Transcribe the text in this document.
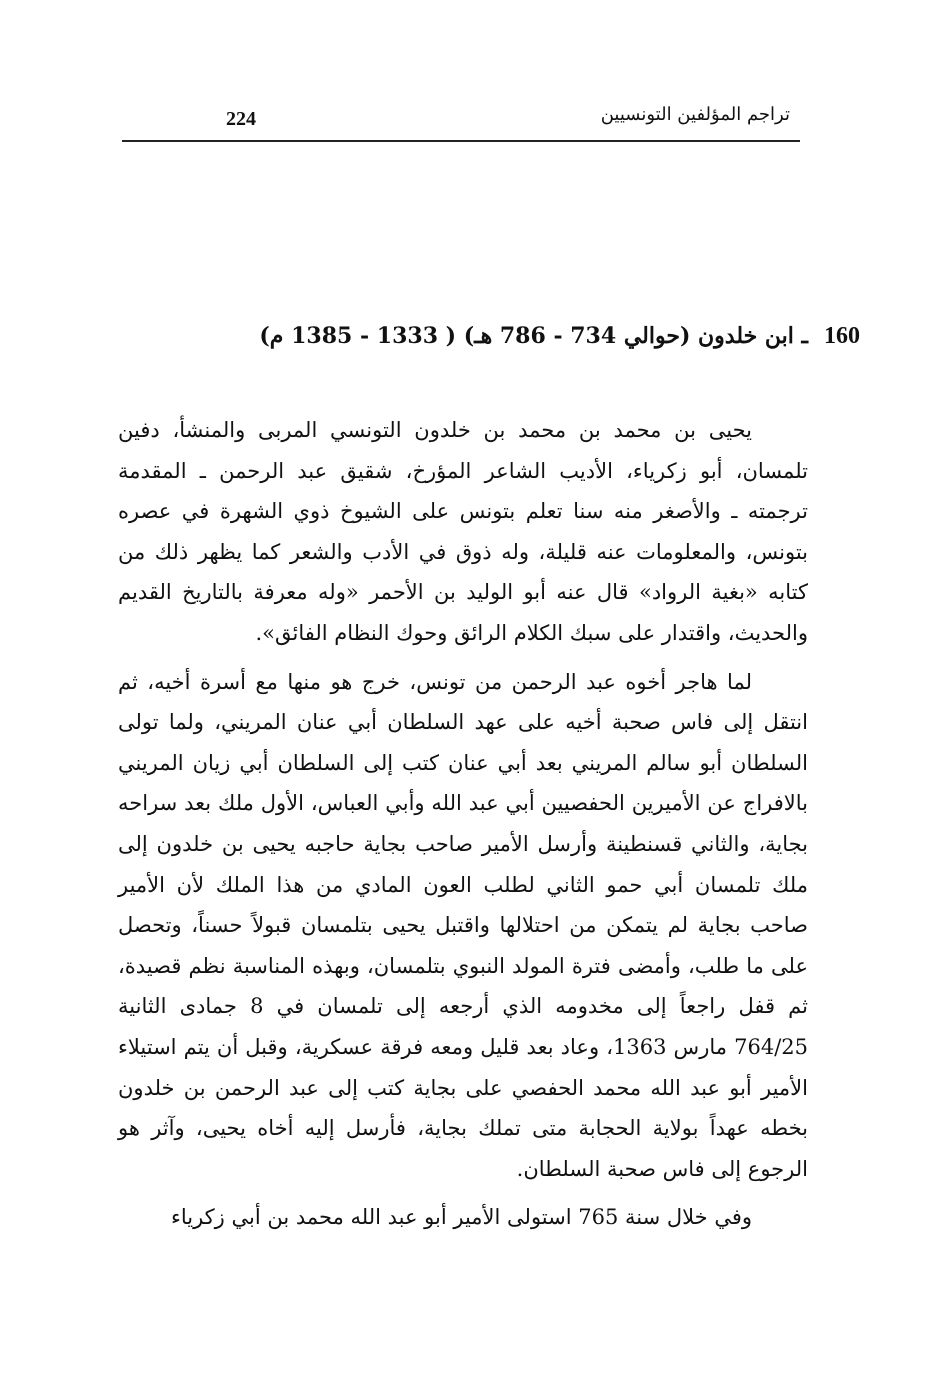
224	تراجم المؤلفين التونسيين
160 ـ ابن خلدون (حوالي 734 - 786 هـ) ( 1333 - 1385 م)

يحيى بن محمد بن محمد بن خلدون التونسي المربى والمنشأ، دفين تلمسان، أبو زكرياء، الأديب الشاعر المؤرخ، شقيق عبد الرحمن ـ المقدمة ترجمته ـ والأصغر منه سنا تعلم بتونس على الشيوخ ذوي الشهرة في عصره بتونس، والمعلومات عنه قليلة، وله ذوق في الأدب والشعر كما يظهر ذلك من كتابه «بغية الرواد» قال عنه أبو الوليد بن الأحمر «وله معرفة بالتاريخ القديم والحديث، واقتدار على سبك الكلام الرائق وحوك النظام الفائق».

لما هاجر أخوه عبد الرحمن من تونس، خرج هو منها مع أسرة أخيه، ثم انتقل إلى فاس صحبة أخيه على عهد السلطان أبي عنان المريني، ولما تولى السلطان أبو سالم المريني بعد أبي عنان كتب إلى السلطان أبي زيان المريني بالافراج عن الأميرين الحفصيين أبي عبد الله وأبي العباس، الأول ملك بعد سراحه بجاية، والثاني قسنطينة وأرسل الأمير صاحب بجاية حاجبه يحيى بن خلدون إلى ملك تلمسان أبي حمو الثاني لطلب العون المادي من هذا الملك لأن الأمير صاحب بجاية لم يتمكن من احتلالها واقتبل يحيى بتلمسان قبولاً حسناً، وتحصل على ما طلب، وأمضى فترة المولد النبوي بتلمسان، وبهذه المناسبة نظم قصيدة، ثم قفل راجعاً إلى مخدومه الذي أرجعه إلى تلمسان في 8 جمادى الثانية 764/25 مارس 1363، وعاد بعد قليل ومعه فرقة عسكرية، وقبل أن يتم استيلاء الأمير أبو عبد الله محمد الحفصي على بجاية كتب إلى عبد الرحمن بن خلدون بخطه عهداً بولاية الحجابة متى تملك بجاية، فأرسل إليه أخاه يحيى، وآثر هو الرجوع إلى فاس صحبة السلطان.

وفي خلال سنة 765 استولى الأمير أبو عبد الله محمد بن أبي زكرياء
